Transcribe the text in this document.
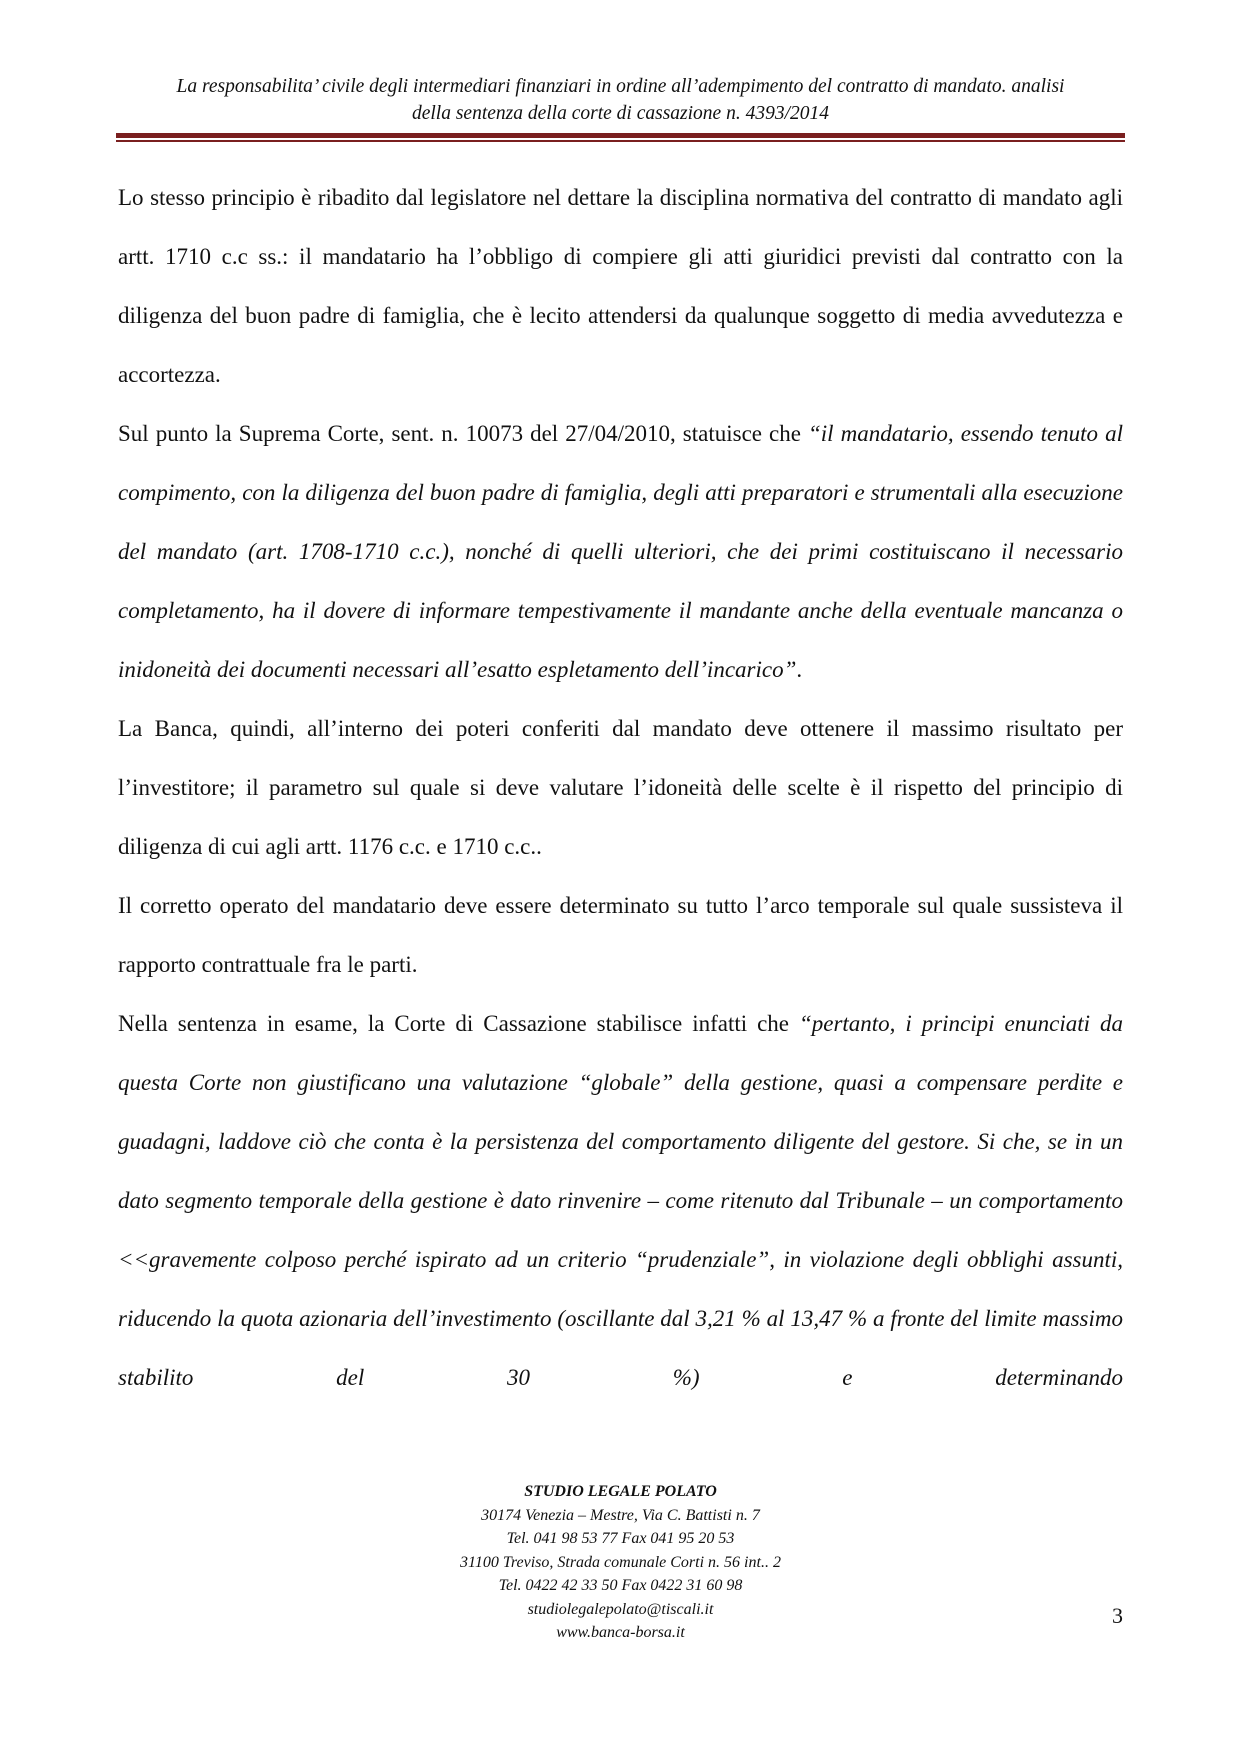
La responsabilita’ civile degli intermediari finanziari in ordine all’adempimento del contratto di mandato. analisi
della sentenza della corte di cassazione n. 4393/2014

Lo stesso principio è ribadito dal legislatore nel dettare la disciplina normativa del contratto di mandato agli artt. 1710 c.c ss.: il mandatario ha l’obbligo di compiere gli atti giuridici previsti dal contratto con la diligenza del buon padre di famiglia, che è lecito attendersi da qualunque soggetto di media avvedutezza e accortezza.

Sul punto la Suprema Corte, sent. n. 10073 del 27/04/2010, statuisce che “il mandatario, essendo tenuto al compimento, con la diligenza del buon padre di famiglia, degli atti preparatori e strumentali alla esecuzione del mandato (art. 1708-1710 c.c.), nonché di quelli ulteriori, che dei primi costituiscano il necessario completamento, ha il dovere di informare tempestivamente il mandante anche della eventuale mancanza o inidoneità dei documenti necessari all’esatto espletamento dell’incarico”.

La Banca, quindi, all’interno dei poteri conferiti dal mandato deve ottenere il massimo risultato per l’investitore; il parametro sul quale si deve valutare l’idoneità delle scelte è il rispetto del principio di diligenza di cui agli artt. 1176 c.c. e 1710 c.c..

Il corretto operato del mandatario deve essere determinato su tutto l’arco temporale sul quale sussisteva il rapporto contrattuale fra le parti.

Nella sentenza in esame, la Corte di Cassazione stabilisce infatti che “pertanto, i principi enunciati da questa Corte non giustificano una valutazione “globale” della gestione, quasi a compensare perdite e guadagni, laddove ciò che conta è la persistenza del comportamento diligente del gestore. Si che, se in un dato segmento temporale della gestione è dato rinvenire – come ritenuto dal Tribunale – un comportamento <<gravemente colposo perché ispirato ad un criterio “prudenziale”, in violazione degli obblighi assunti, riducendo la quota azionaria dell’investimento (oscillante dal 3,21 % al 13,47 % a fronte del limite massimo stabilito del 30 %) e determinando

STUDIO LEGALE POLATO
30174 Venezia – Mestre, Via C. Battisti n. 7
Tel. 041 98 53 77 Fax 041 95 20 53
31100 Treviso, Strada comunale Corti n. 56 int.. 2
Tel. 0422 42 33 50 Fax 0422 31 60 98
studiolegalepolato@tiscali.it
www.banca-borsa.it
3
